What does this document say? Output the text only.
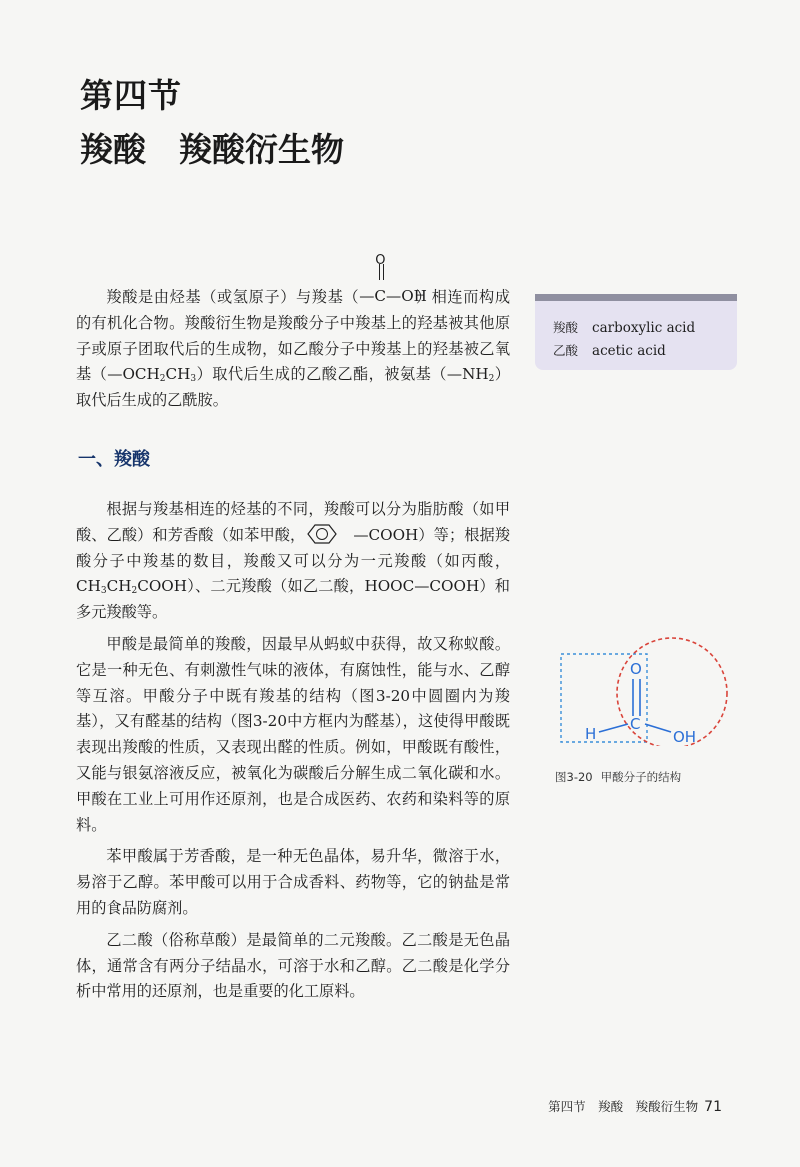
第四节
羧酸　羧酸衍生物

羧酸是由烃基（或氢原子）与羧基（
O
—C—OH
）相连而构成的有机化合物。羧酸衍生物是羧酸分子中羧基上的羟基被其他原子或原子团取代后的生成物，如乙酸分子中羧基上的羟基被乙氧基$(—OCH_2CH_3)$取代后生成的乙酸乙酯，被氨基$(—NH_2)$取代后生成的乙酰胺。

羧酸 carboxylic acid
乙酸 acetic acid
一、羧酸

根据与羧基相连的烃基的不同，羧酸可以分为脂肪酸（如甲酸、乙酸）和芳香酸（如苯甲酸，	—COOH）等；根据羧酸分子中羧基的数目，羧酸又可以分为一元羧酸（如丙酸，$CH_3CH_2COOH$）、二元羧酸（如乙二酸，HOOC—COOH）和多元羧酸等。

甲酸是最简单的羧酸，因最早从蚂蚁中获得，故又称蚁酸。它是一种无色、有刺激性气味的液体，有腐蚀性，能与水、乙醇等互溶。甲酸分子中既有羧基的结构（图3-20中圆圈内为羧基），又有醛基的结构（图3-20中方框内为醛基），这使得甲酸既表现出羧酸的性质，又表现出醛的性质。例如，甲酸既有酸性，又能与银氨溶液反应，被氧化为碳酸后分解生成二氧化碳和水。甲酸在工业上可用作还原剂，也是合成医药、农药和染料等的原料。

苯甲酸属于芳香酸，是一种无色晶体，易升华，微溶于水，易溶于乙醇。苯甲酸可以用于合成香料、药物等，它的钠盐是常用的食品防腐剂。

乙二酸（俗称草酸）是最简单的二元羧酸。乙二酸是无色晶体，通常含有两分子结晶水，可溶于水和乙醇。乙二酸是化学分析中常用的还原剂，也是重要的化工原料。

O
C
H	OH
图3-20 甲酸分子的结构
第四节　羧酸　羧酸衍生物 71
